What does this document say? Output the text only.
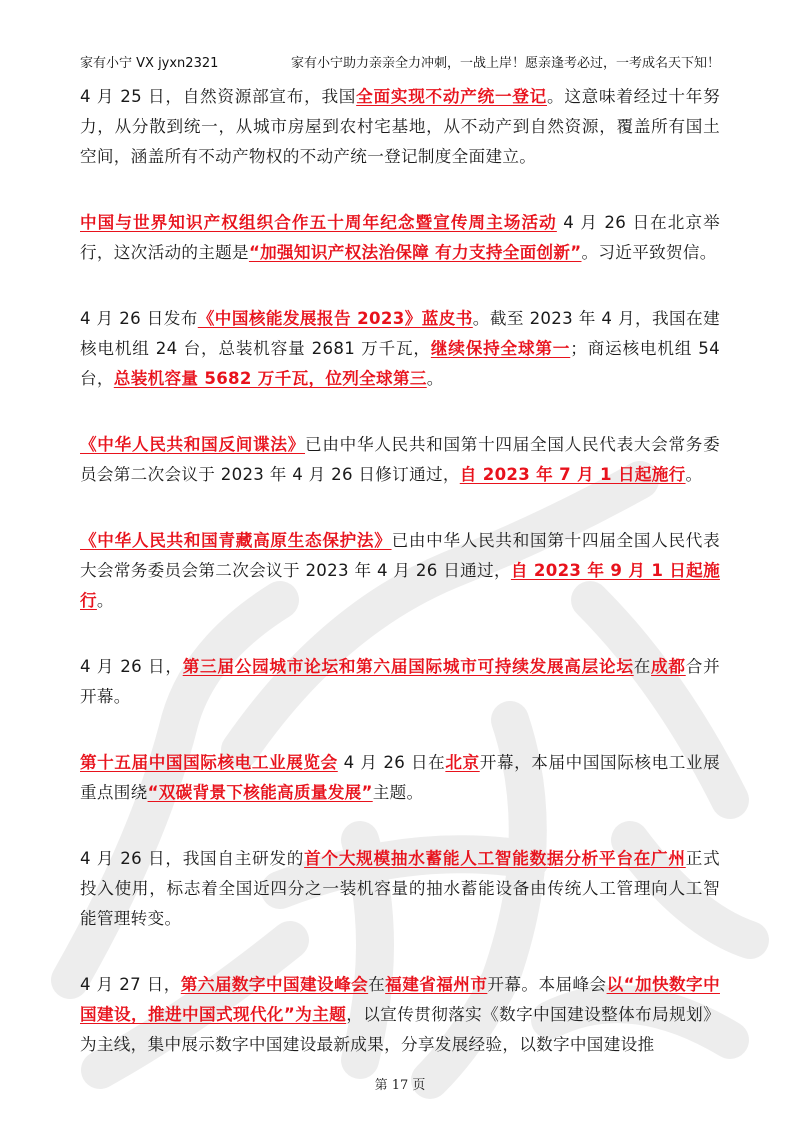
家有小宁 VX jyxn2321	家有小宁助力亲亲全力冲刺，一战上岸！愿亲逢考必过，一考成名天下知！

4 月 25 日，自然资源部宣布，我国全面实现不动产统一登记。这意味着经过十年努力，从分散到统一，从城市房屋到农村宅基地，从不动产到自然资源，覆盖所有国土空间，涵盖所有不动产物权的不动产统一登记制度全面建立。

中国与世界知识产权组织合作五十周年纪念暨宣传周主场活动 4 月 26 日在北京举行，这次活动的主题是“加强知识产权法治保障 有力支持全面创新”。习近平致贺信。

4 月 26 日发布《中国核能发展报告 2023》蓝皮书。截至 2023 年 4 月，我国在建核电机组 24 台，总装机容量 2681 万千瓦，继续保持全球第一；商运核电机组 54 台，总装机容量 5682 万千瓦，位列全球第三。

《中华人民共和国反间谍法》已由中华人民共和国第十四届全国人民代表大会常务委员会第二次会议于 2023 年 4 月 26 日修订通过，自 2023 年 7 月 1 日起施行。

《中华人民共和国青藏高原生态保护法》已由中华人民共和国第十四届全国人民代表大会常务委员会第二次会议于 2023 年 4 月 26 日通过，自 2023 年 9 月 1 日起施行。

4 月 26 日，第三届公园城市论坛和第六届国际城市可持续发展高层论坛在成都合并开幕。

第十五届中国国际核电工业展览会 4 月 26 日在北京开幕，本届中国国际核电工业展重点围绕“双碳背景下核能高质量发展”主题。

4 月 26 日，我国自主研发的首个大规模抽水蓄能人工智能数据分析平台在广州正式投入使用，标志着全国近四分之一装机容量的抽水蓄能设备由传统人工管理向人工智能管理转变。

4 月 27 日，第六届数字中国建设峰会在福建省福州市开幕。本届峰会以“加快数字中国建设，推进中国式现代化”为主题，以宣传贯彻落实《数字中国建设整体布局规划》为主线，集中展示数字中国建设最新成果，分享发展经验，以数字中国建设推

第 17 页
